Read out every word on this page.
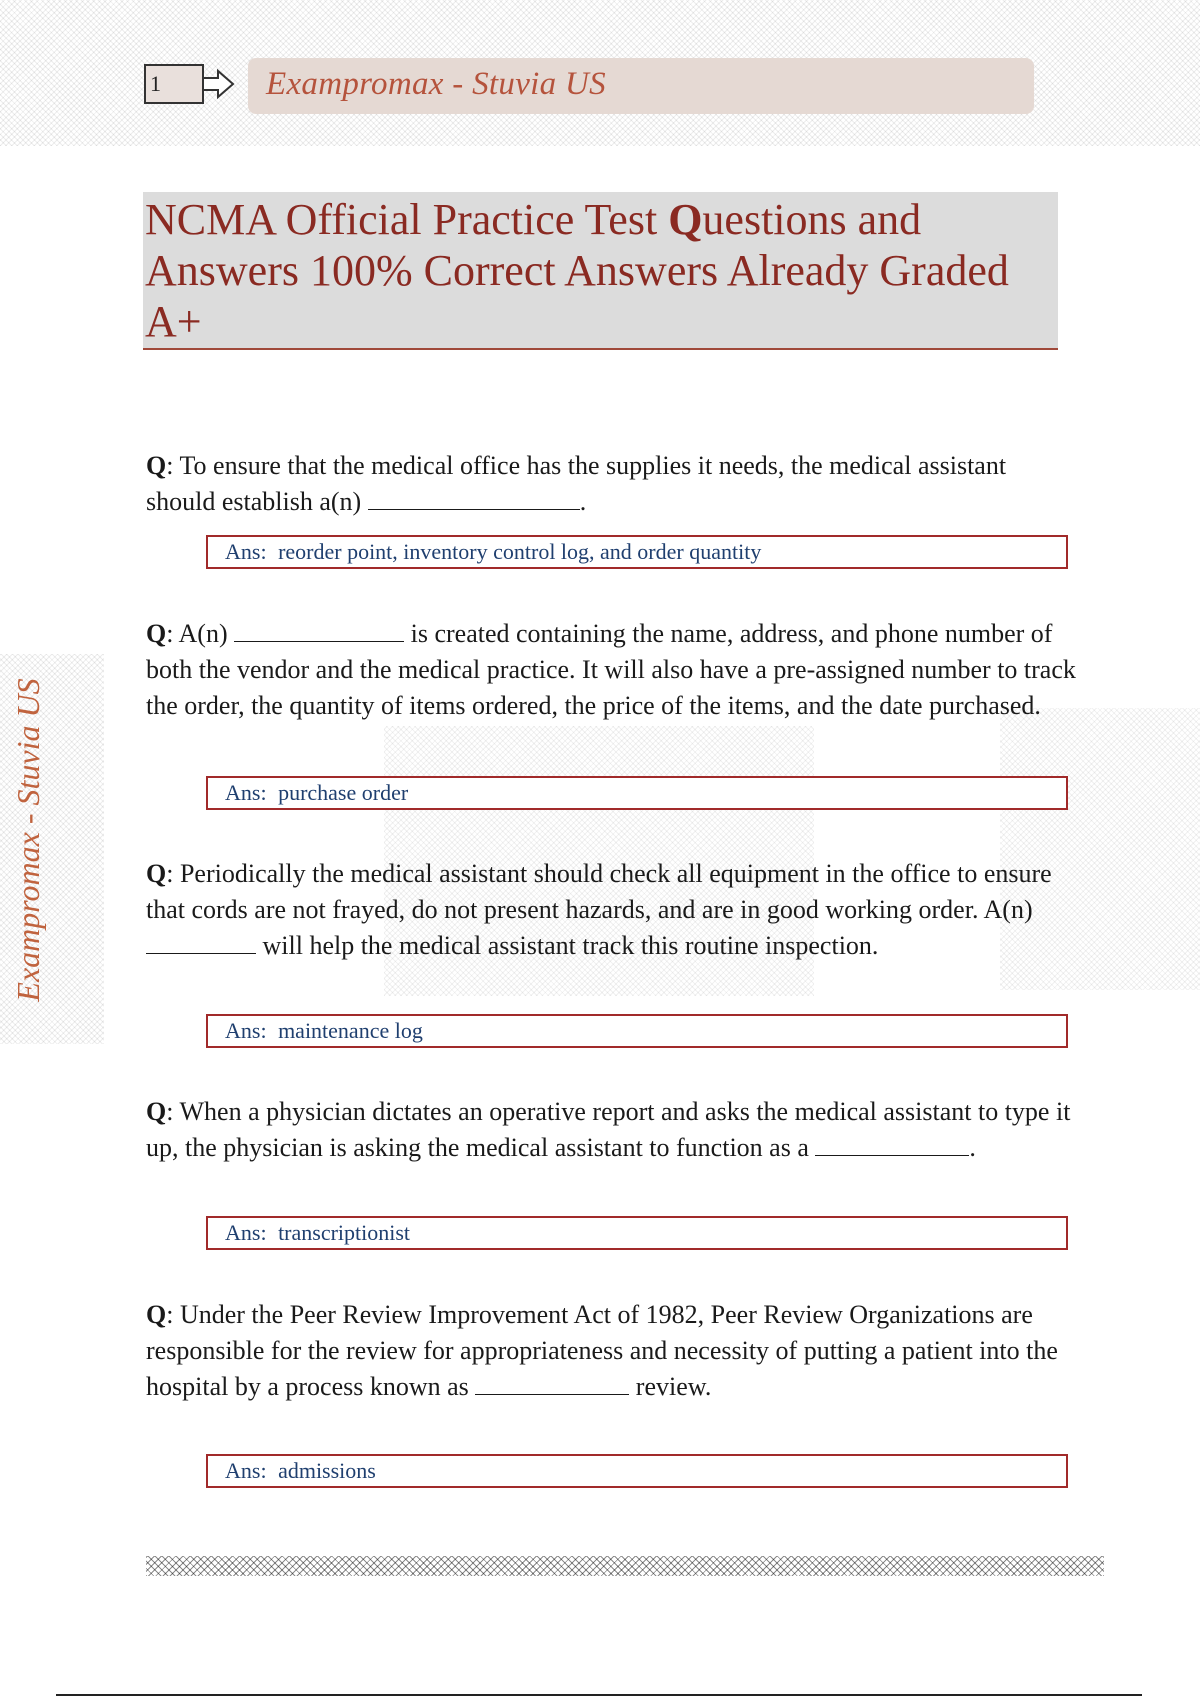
1	Exampromax - Stuvia US
NCMA Official Practice Test Questions and Answers 100% Correct Answers Already Graded A+
Exampromax - Stuvia US
Q: To ensure that the medical office has the supplies it needs, the medical assistant should establish a(n)	.
Ans: reorder point, inventory control log, and order quantity
Q: A(n)	is created containing the name, address, and phone number of both the vendor and the medical practice. It will also have a pre-assigned number to track the order, the quantity of items ordered, the price of the items, and the date purchased.
Ans: purchase order
Q: Periodically the medical assistant should check all equipment in the office to ensure that cords are not frayed, do not present hazards, and are in good working order. A(n)  will help the medical assistant track this routine inspection.
Ans: maintenance log
Q: When a physician dictates an operative report and asks the medical assistant to type it up, the physician is asking the medical assistant to function as a	.
Ans: transcriptionist
Q: Under the Peer Review Improvement Act of 1982, Peer Review Organizations are responsible for the review for appropriateness and necessity of putting a patient into the hospital by a process known as	review.
Ans: admissions
